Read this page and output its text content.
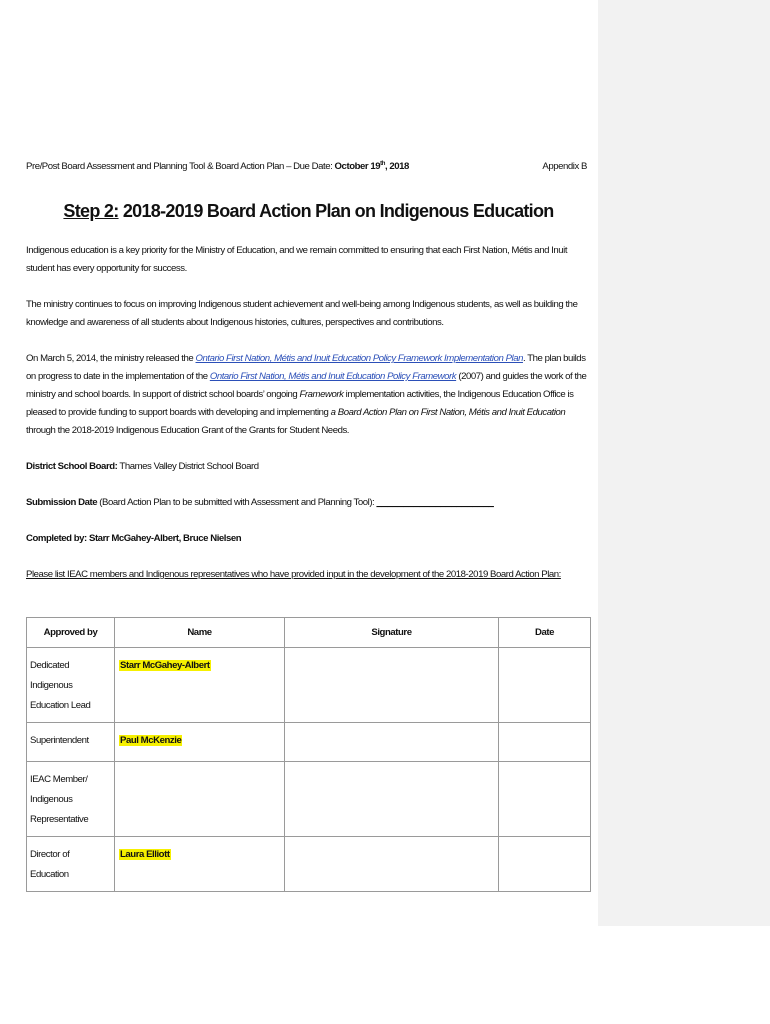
Pre/Post Board Assessment and Planning Tool & Board Action Plan – Due Date: October 19th, 2018	Appendix B
Step 2: 2018-2019 Board Action Plan on Indigenous Education

Indigenous education is a key priority for the Ministry of Education, and we remain committed to ensuring that each First Nation, Métis and Inuit student has every opportunity for success.

The ministry continues to focus on improving Indigenous student achievement and well-being among Indigenous students, as well as building the knowledge and awareness of all students about Indigenous histories, cultures, perspectives and contributions.

On March 5, 2014, the ministry released the Ontario First Nation, Métis and Inuit Education Policy Framework Implementation Plan. The plan builds on progress to date in the implementation of the Ontario First Nation, Métis and Inuit Education Policy Framework (2007) and guides the work of the ministry and school boards. In support of district school boards’ ongoing Framework implementation activities, the Indigenous Education Office is pleased to provide funding to support boards with developing and implementing a Board Action Plan on First Nation, Métis and Inuit Education through the 2018-2019 Indigenous Education Grant of the Grants for Student Needs.

District School Board: Thames Valley District School Board

Submission Date (Board Action Plan to be submitted with Assessment and Planning Tool): ______________________

Completed by: Starr McGahey-Albert, Bruce Nielsen

Please list IEAC members and Indigenous representatives who have provided input in the development of the 2018-2019 Board Action Plan:

Approved by	Name	Signature	Date
Dedicated Indigenous Education Lead	Starr McGahey-Albert		
Superintendent	Paul McKenzie		
IEAC Member/ Indigenous Representative			
Director of Education	Laura Elliott		
